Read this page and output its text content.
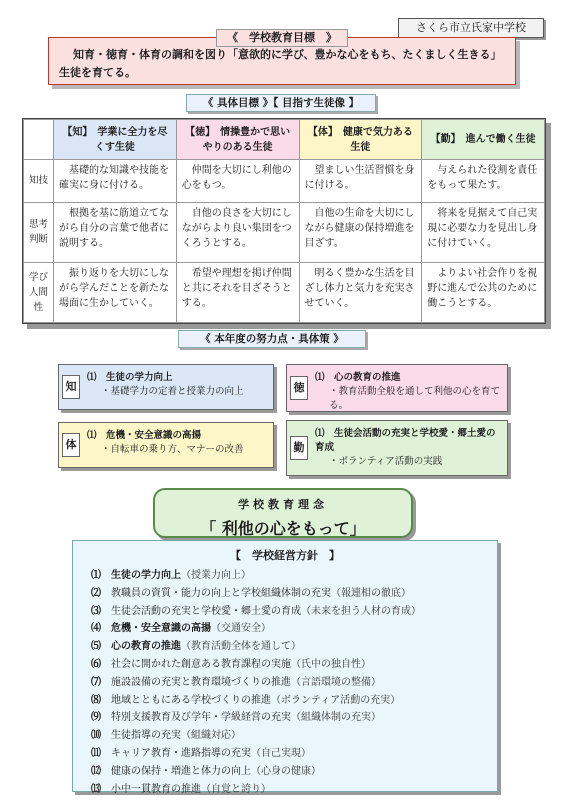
さくら市立氏家中学校
《　学校教育目標　》
知育・徳育・体育の調和を図り「意欲的に学び、豊かな心をもち、たくましく生きる」生徒を育てる。
《 具体目標 》【 目指す生徒像 】
	【知】　学業に全力を尽くす生徒	【徳】　情操豊かで思いやりのある生徒	【体】　健康で気力ある生徒	【勤】　進んで働く生徒
知技	基礎的な知識や技能を確実に身に付ける。	仲間を大切にし利他の心をもつ。	望ましい生活習慣を身に付ける。	与えられた役割を責任をもって果たす。
思考判断	根拠を基に筋道立てながら自分の言葉で他者に説明する。	自他の良さを大切にしながらより良い集団をつくろうとする。	自他の生命を大切にしながら健康の保持増進を目ざす。	将来を見据えて自己実現に必要な力を見出し身に付けていく。
学び人間性	振り返りを大切にしながら学んだことを新たな場面に生かしていく。	希望や理想を掲げ仲間と共にそれを目ざそうとする。	明るく豊かな生活を目ざし体力と気力を充実させていく。	よりよい社会作りを視野に進んで公共のために働こうとする。
《 本年度の努力点・具体策 》
知
⑴　生徒の学力向上
・基礎学力の定着と授業力の向上	徳
⑴　心の教育の推進
・教育活動全般を通して利他の心を育てる。
体
⑴　危機・安全意識の高揚
・自転車の乗り方、マナーの改善	勤
⑴　生徒会活動の充実と学校愛・郷土愛の育成
・ボランティア活動の実践
学校教育理念
「 利他の心をもって」
【　学校経営方針　】
⑴ 生徒の学力向上（授業力向上）
⑵ 教職員の資質・能力の向上と学校組織体制の充実（報連相の徹底）
⑶ 生徒会活動の充実と学校愛・郷土愛の育成（未来を担う人材の育成）
⑷ 危機・安全意識の高揚（交通安全）
⑸ 心の教育の推進（教育活動全体を通して）
⑹ 社会に開かれた創意ある教育課程の実施（氏中の独自性）
⑺ 施設設備の充実と教育環境づくりの推進（言語環境の整備）
⑻ 地域とともにある学校づくりの推進（ボランティア活動の充実）
⑼ 特別支援教育及び学年・学級経営の充実（組織体制の充実）
⑽ 生徒指導の充実（組織対応）
⑾ キャリア教育・進路指導の充実（自己実現）
⑿ 健康の保持・増進と体力の向上（心身の健康）
⒀ 小中一貫教育の推進（自覚と誇り）
